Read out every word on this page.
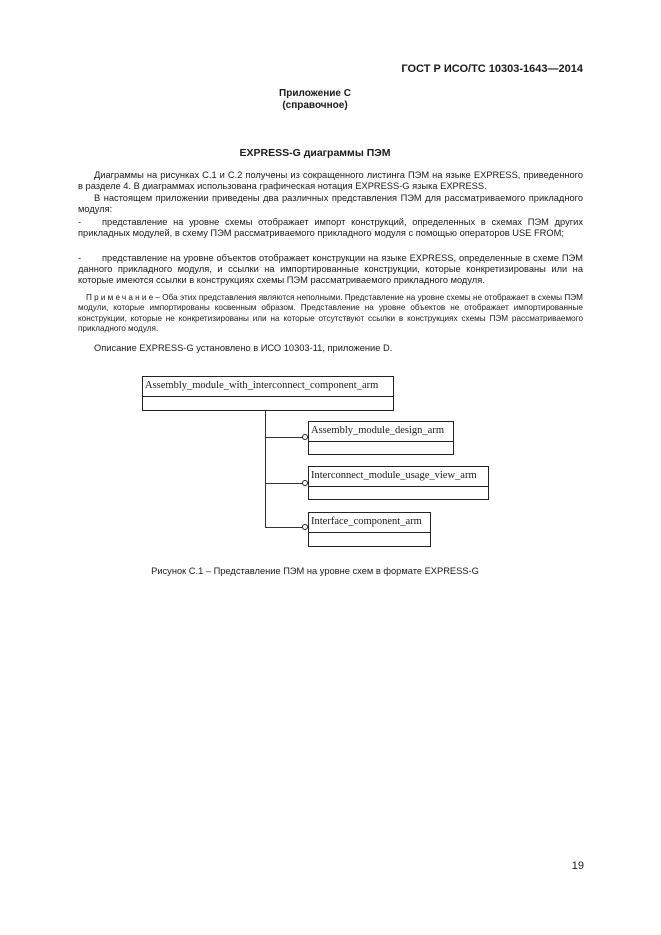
ГОСТ Р ИСО/ТС 10303-1643—2014
Приложение С
(справочное)
EXPRESS-G диаграммы ПЭМ
Диаграммы на рисунках С.1 и С.2 получены из сокращенного листинга ПЭМ на языке EXPRESS, приведенного в разделе 4. В диаграммах использована графическая нотация EXPRESS-G языка EXPRESS.
В настоящем приложении приведены два различных представления ПЭМ для рассматриваемого прикладного модуля:
-	представление на уровне схемы отображает импорт конструкций, определенных в схемах ПЭМ других прикладных модулей, в схему ПЭМ рассматриваемого прикладного модуля с помощью операторов USE FROM;
-	представление на уровне объектов отображает конструкции на языке EXPRESS, определенные в схеме ПЭМ данного прикладного модуля, и ссылки на импортированные конструкции, которые конкретизированы или на которые имеются ссылки в конструкциях схемы ПЭМ рассматриваемого прикладного модуля.
Примечание– Оба этих представления являются неполными. Представление на уровне схемы не отображает в схемы ПЭМ модули, которые импортированы косвенным образом. Представление на уровне объектов не отображает импортированные конструкции, которые не конкретизированы или на которые отсутствуют ссылки в конструкциях схемы ПЭМ рассматриваемого прикладного модуля.
Описание EXPRESS-G установлено в ИСО 10303-11, приложение D.
Assembly_module_with_interconnect_component_arm
Assembly_module_design_arm
Interconnect_module_usage_view_arm
Interface_component_arm
Рисунок С.1 – Представление ПЭМ на уровне схем в формате EXPRESS-G
19
